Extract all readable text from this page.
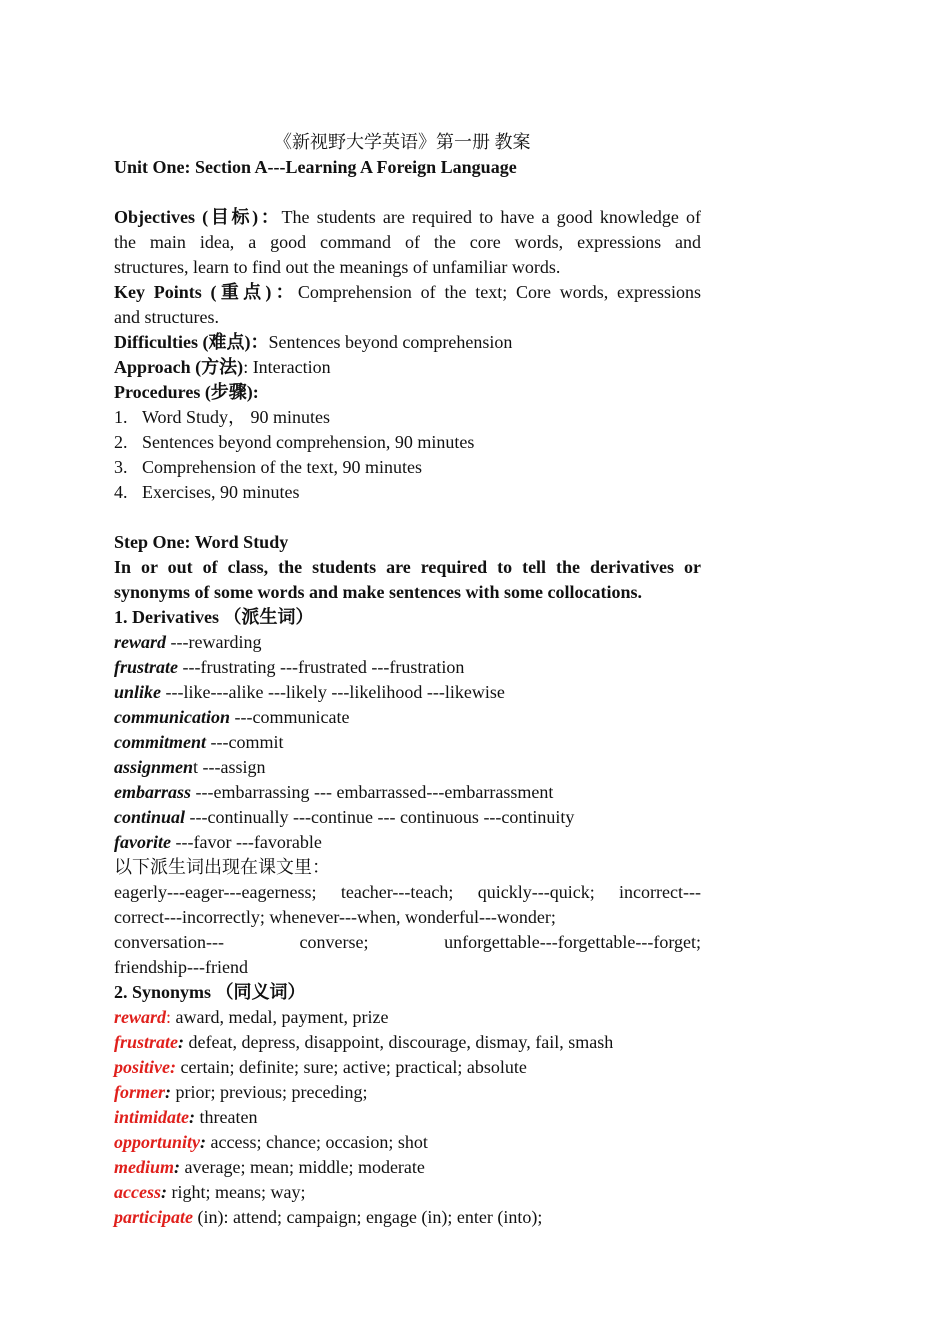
《新视野大学英语》第一册 教案
Unit One: Section A---Learning A Foreign Language
Objectives (目标)：The students are required to have a good knowledge of
the main idea, a good command of the core words, expressions and
structures, learn to find out the meanings of unfamiliar words.
Key Points (重点)：Comprehension of the text; Core words, expressions
and structures.
Difficulties (难点)：Sentences beyond comprehension
Approach (方法): Interaction
Procedures (步骤):
1. Word Study， 90 minutes
2. Sentences beyond comprehension, 90 minutes
3. Comprehension of the text, 90 minutes
4. Exercises, 90 minutes
Step One: Word Study
In or out of class, the students are required to tell the derivatives or
synonyms of some words and make sentences with some collocations.
1. Derivatives （派生词）
reward ---rewarding
frustrate ---frustrating ---frustrated ---frustration
unlike ---like---alike ---likely ---likelihood ---likewise
communication ---communicate
commitment ---commit
assignment ---assign
embarrass ---embarrassing --- embarrassed---embarrassment
continual ---continually ---continue --- continuous ---continuity
favorite ---favor ---favorable
以下派生词出现在课文里：
eagerly---eager---eagerness; teacher---teach; quickly---quick; incorrect---
correct---incorrectly; whenever---when, wonderful---wonder;
conversation--- converse; unforgettable---forgettable---forget;
friendship---friend
2. Synonyms （同义词）
reward: award, medal, payment, prize
frustrate: defeat, depress, disappoint, discourage, dismay, fail, smash
positive: certain; definite; sure; active; practical; absolute
former: prior; previous; preceding;
intimidate: threaten
opportunity: access; chance; occasion; shot
medium: average; mean; middle; moderate
access: right; means; way;
participate (in): attend; campaign; engage (in); enter (into);
